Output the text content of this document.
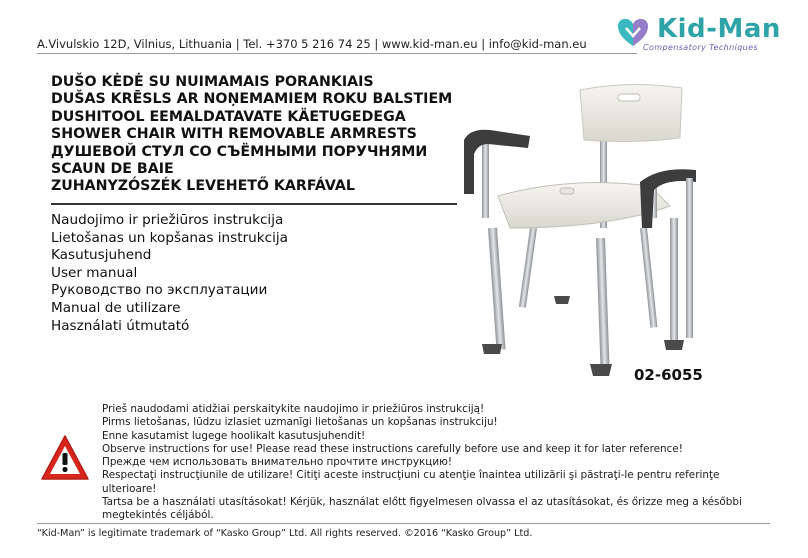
A.Vivulskio 12D, Vilnius, Lithuania | Tel. +370 5 216 74 25 | www.kid-man.eu | info@kid-man.eu	Kid-Man
Compensatory Techniques
DUŠO KĖDĖ SU NUIMAMAIS PORANKIAIS
DUŠAS KRĒSLS AR NOŅEMAMIEM ROKU BALSTIEM
DUSHITOOL EEMALDATAVATE KÄETUGEDEGA
SHOWER CHAIR WITH REMOVABLE ARMRESTS
ДУШЕВОЙ СТУЛ СО СЪЁМНЫМИ ПОРУЧНЯМИ
SCAUN DE BAIE
ZUHANYZÓSZÉK LEVEHETŐ KARFÁVAL
Naudojimo ir priežiūros instrukcija
Lietošanas un kopšanas instrukcija
Kasutusjuhend
User manual
Руководство по эксплуатации
Manual de utilizare
Használati útmutató
02-6055
Prieš naudodami atidžiai perskaitykite naudojimo ir priežiūros instrukciją!
Pirms lietošanas, lūdzu izlasiet uzmanīgi lietošanas un kopšanas instrukciju!
Enne kasutamist lugege hoolikalt kasutusjuhendit!
Observe instructions for use! Please read these instructions carefully before use and keep it for later reference!
Прежде чем использовать внимательно прочтите инструкцию!
Respectaţi instrucţiunile de utilizare! Citiţi aceste instrucţiuni cu atenţie înaintea utilizării şi păstraţi-le pentru referinţe ulterioare!
Tartsa be a használati utasításokat! Kérjük, használat előtt figyelmesen olvassa el az utasításokat, és őrizze meg a későbbi megtekintés céljából.
“Kid-Man” is legitimate trademark of “Kasko Group” Ltd. All rights reserved. ©2016 “Kasko Group” Ltd.
